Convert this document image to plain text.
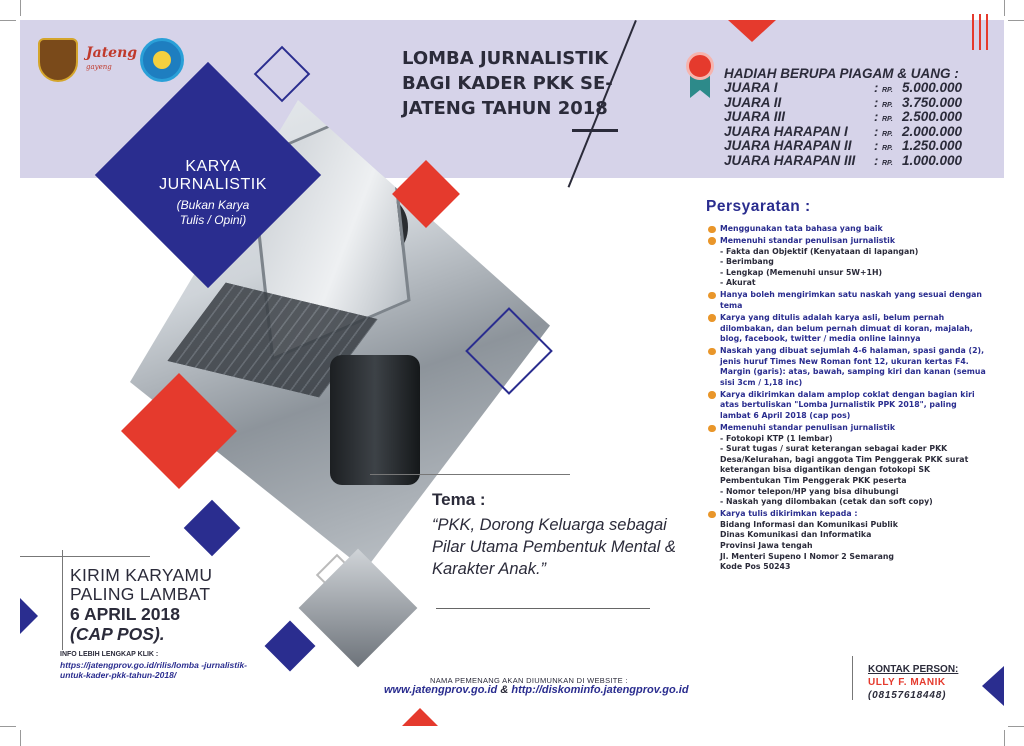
Jateng
gayeng	LOMBA JURNALISTIK BAGI KADER PKK SE-JATENG TAHUN 2018
HADIAH BERUPA PIAGAM & UANG :
JUARA I	: RP. 5.000.000
JUARA II	: RP. 3.750.000
JUARA III	: RP. 2.500.000
JUARA HARAPAN I	: RP. 2.000.000
JUARA HARAPAN II	: RP. 1.250.000
JUARA HARAPAN III	: RP. 1.000.000
KARYA
JURNALISTIK
(Bukan Karya
Tulis / Opini)
Tema :
“PKK, Dorong Keluarga sebagai Pilar Utama Pembentuk Mental & Karakter Anak.”
KIRIM KARYAMU
PALING LAMBAT
6 APRIL 2018
(CAP POS).
INFO LEBIH LENGKAP KLIK :
https://jatengprov.go.id/rilis/lomba -jurnalistik-untuk-kader-pkk-tahun-2018/
NAMA PEMENANG AKAN DIUMUNKAN DI WEBSITE :
www.jatengprov.go.id & http://diskominfo.jatengprov.go.id
Persyaratan :
Menggunakan tata bahasa yang baik
Memenuhi standar penulisan jurnalistik
- Fakta dan Objektif (Kenyataan di lapangan)
- Berimbang
- Lengkap (Memenuhi unsur 5W+1H)
- Akurat
Hanya boleh mengirimkan satu naskah yang sesuai dengan tema
Karya yang ditulis adalah karya asli, belum pernah dilombakan, dan belum pernah dimuat di koran, majalah, blog, facebook, twitter / media online lainnya
Naskah yang dibuat sejumlah 4-6 halaman, spasi ganda (2), jenis huruf Times New Roman font 12, ukuran kertas F4. Margin (garis): atas, bawah, samping kiri dan kanan (semua sisi 3cm / 1,18 inc)
Karya dikirimkan dalam amplop coklat dengan bagian kiri atas bertuliskan "Lomba Jurnalistik PPK 2018", paling lambat 6 April 2018 (cap pos)
Memenuhi standar penulisan jurnalistik
- Fotokopi KTP (1 lembar)
- Surat tugas / surat keterangan sebagai kader PKK Desa/Kelurahan, bagi anggota Tim Penggerak PKK surat keterangan bisa digantikan dengan fotokopi SK Pembentukan Tim Penggerak PKK peserta
- Nomor telepon/HP yang bisa dihubungi
- Naskah yang dilombakan (cetak dan soft copy)
Karya tulis dikirimkan kepada :
Bidang Informasi dan Komunikasi Publik
Dinas Komunikasi dan Informatika
Provinsi Jawa tengah
Jl. Menteri Supeno I Nomor 2 Semarang
Kode Pos 50243
KONTAK PERSON:
ULLY F. MANIK
(08157618448)
